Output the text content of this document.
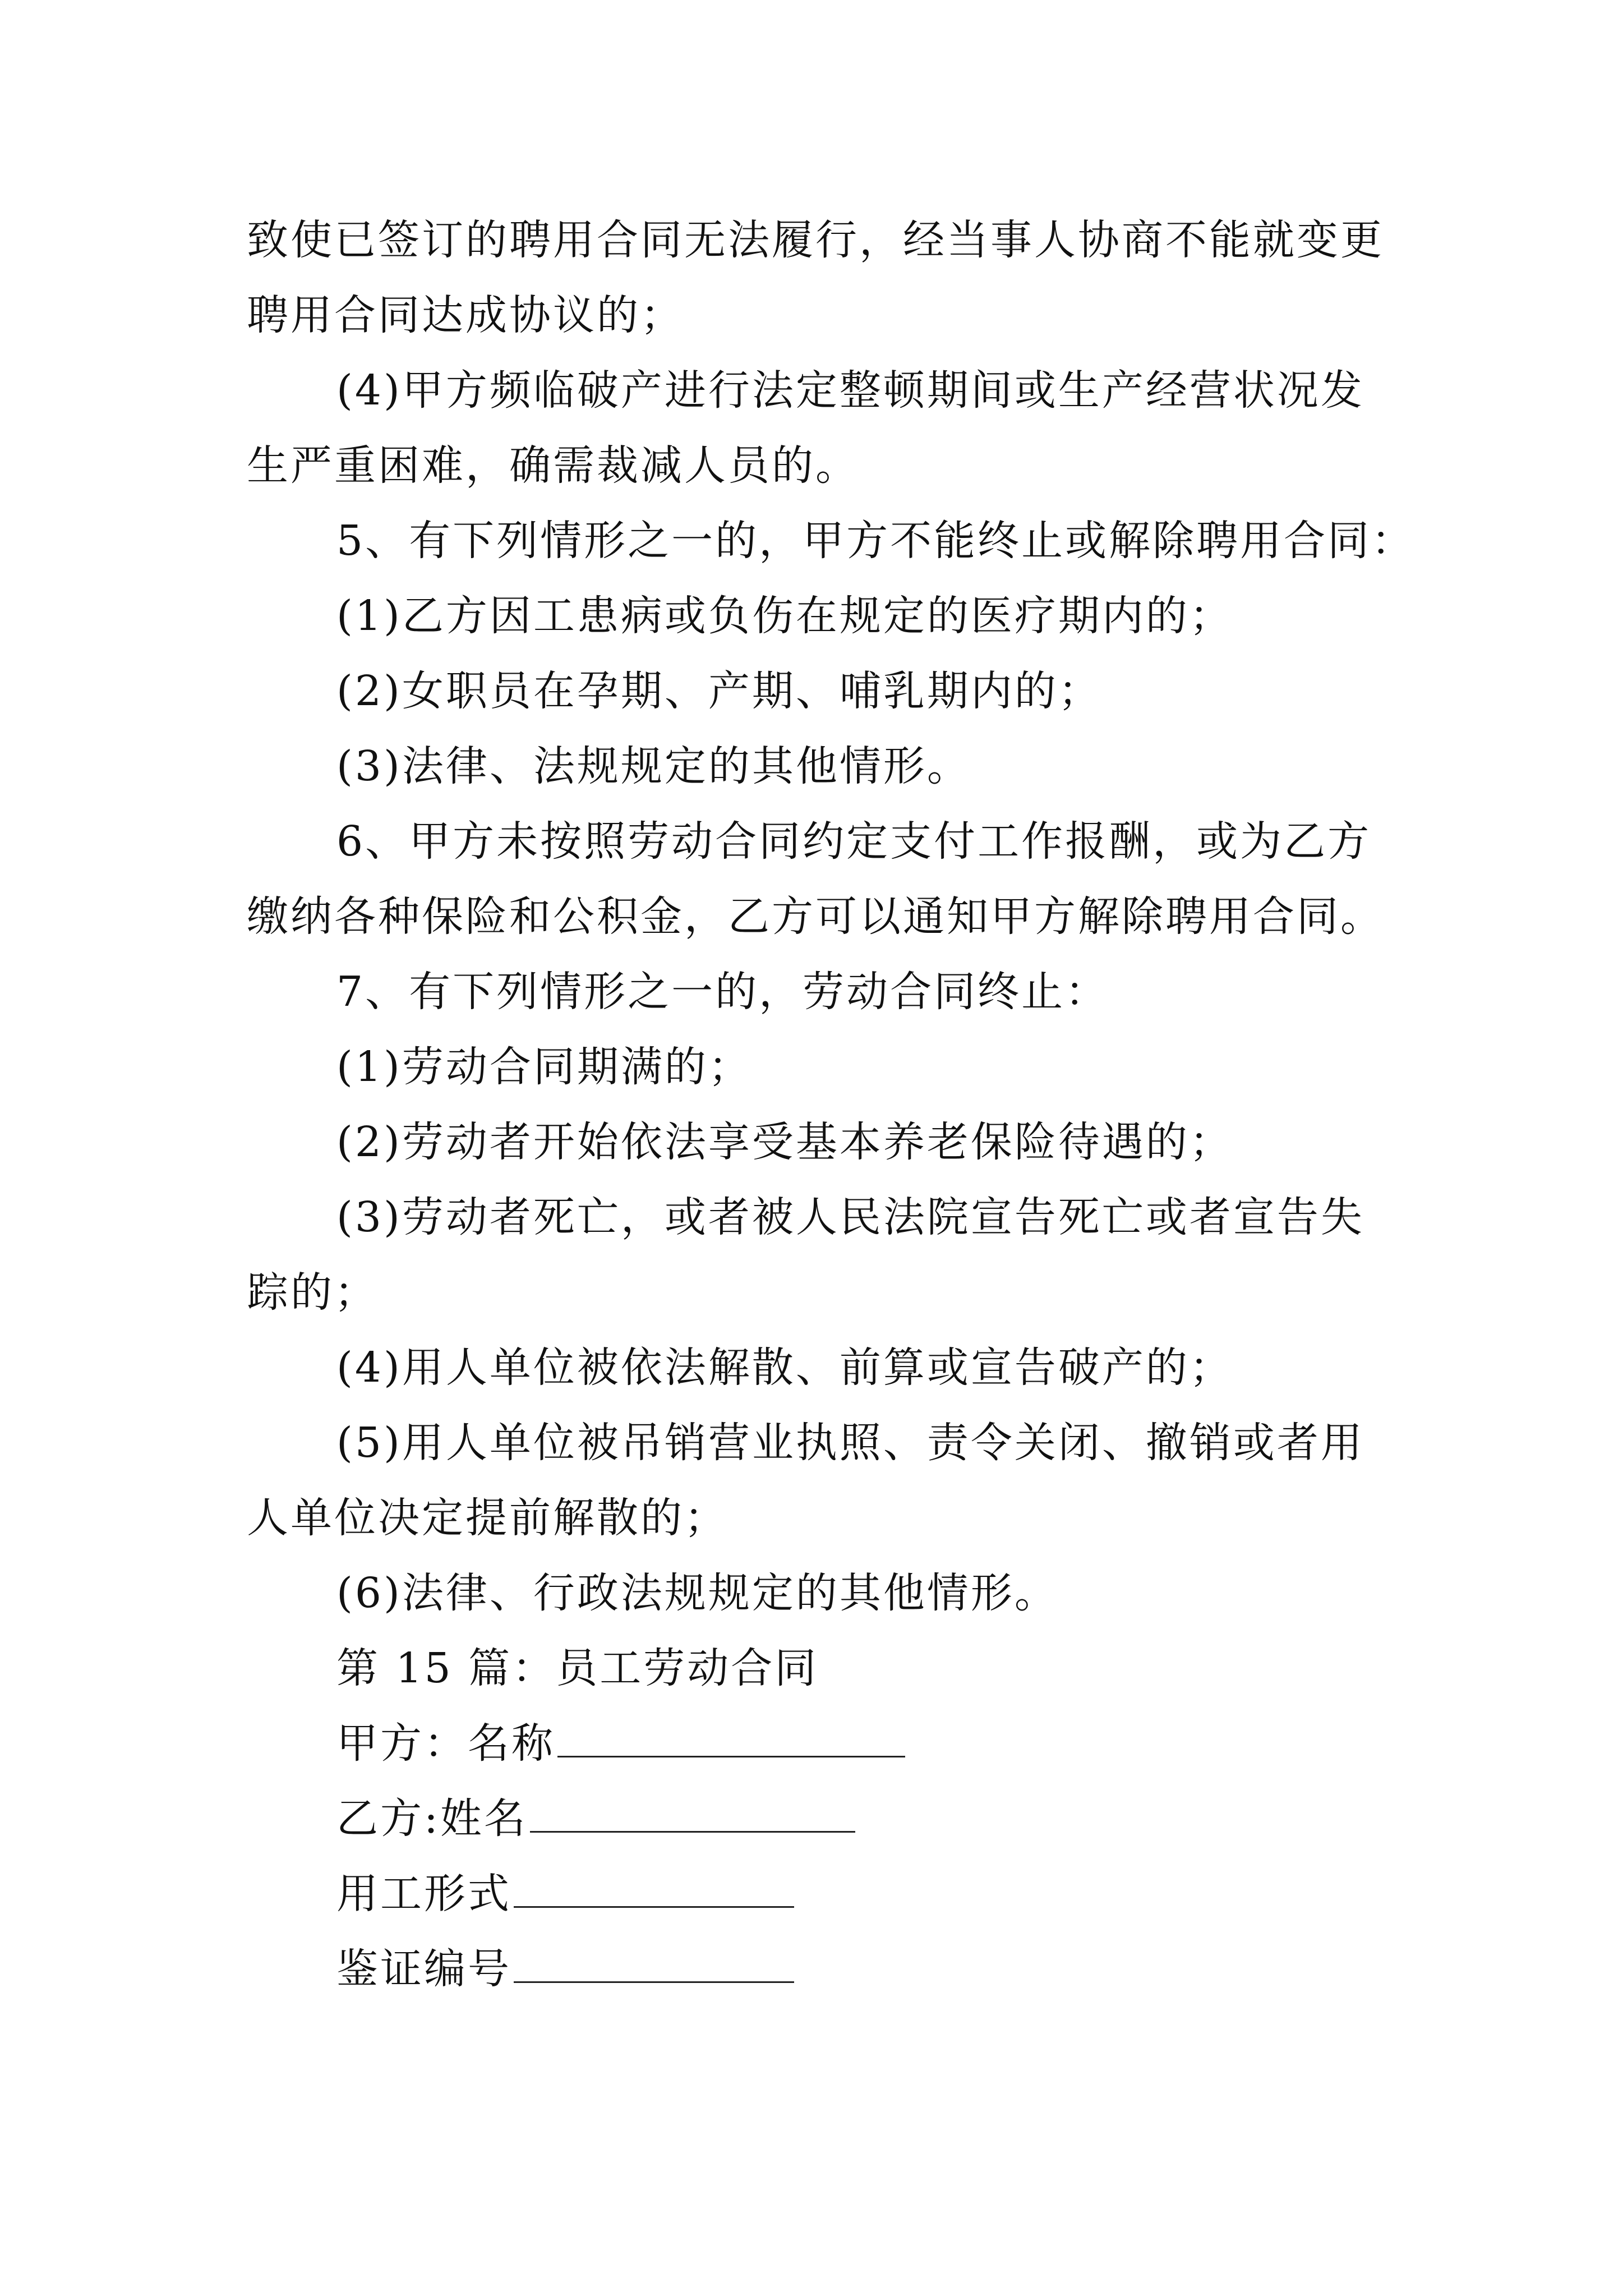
致使已签订的聘用合同无法履行，经当事人协商不能就变更
聘用合同达成协议的；
(4)甲方频临破产进行法定整顿期间或生产经营状况发
生严重困难，确需裁减人员的。
5、有下列情形之一的，甲方不能终止或解除聘用合同：
(1)乙方因工患病或负伤在规定的医疗期内的；
(2)女职员在孕期、产期、哺乳期内的；
(3)法律、法规规定的其他情形。
6、甲方未按照劳动合同约定支付工作报酬，或为乙方
缴纳各种保险和公积金，乙方可以通知甲方解除聘用合同。
7、有下列情形之一的，劳动合同终止：
(1)劳动合同期满的；
(2)劳动者开始依法享受基本养老保险待遇的；
(3)劳动者死亡，或者被人民法院宣告死亡或者宣告失
踪的；
(4)用人单位被依法解散、前算或宣告破产的；
(5)用人单位被吊销营业执照、责令关闭、撤销或者用
人单位决定提前解散的；
(6)法律、行政法规规定的其他情形。
第 15 篇：员工劳动合同
甲方：名称
乙方:姓名
用工形式
鉴证编号
